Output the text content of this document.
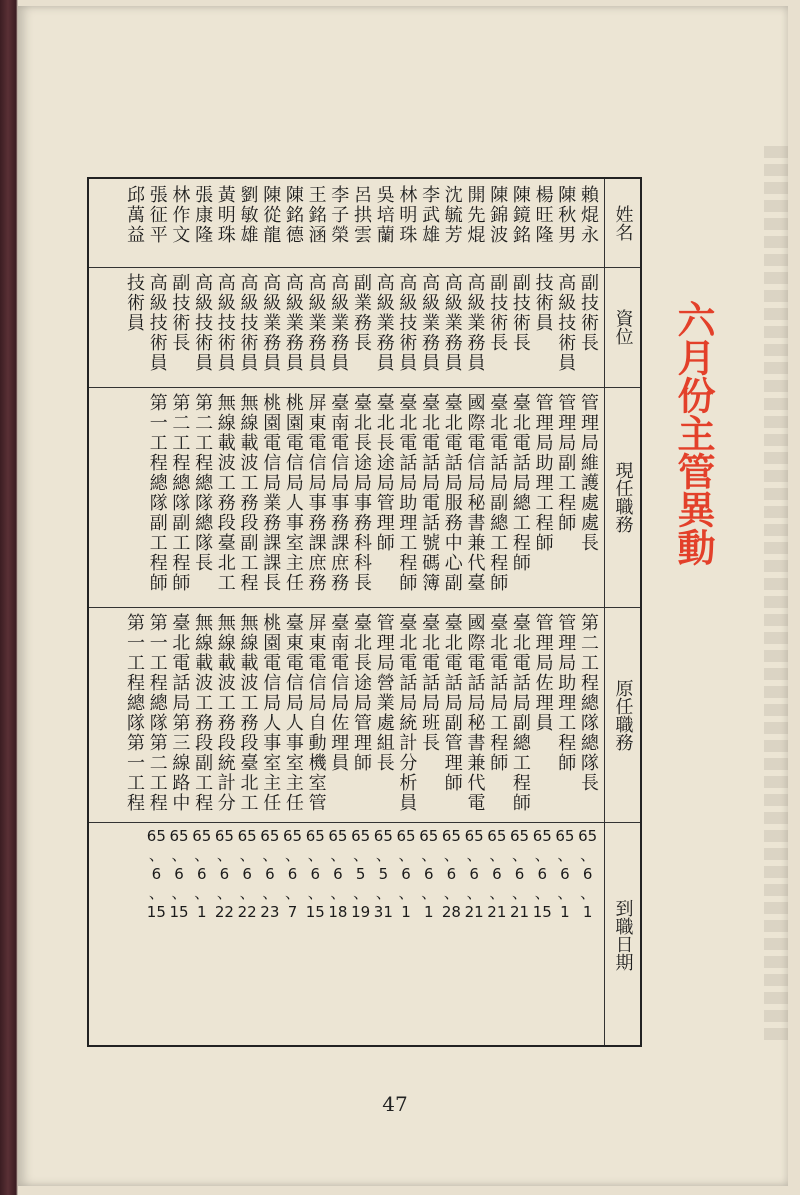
六月份主管異動
姓名
資位
現任職務
原任職務
到職日期
賴焜永
副技術長
管理局維護處處長
第二工程總隊總隊長
65
、
6
、
1
陳秋男
高級技術員
管理局副工程師
管理局助理工程師
65
、
6
、
1
楊旺隆
技術員
管理局助理工程師
管理局佐理員
65
、
6
、
15
陳鏡銘
副技術長
臺北電話局總工程師
臺北電話局副總工程師
65
、
6
、
21
陳錦波
副技術長
臺北電話局副總工程師
臺北電話局工程師
65
、
6
、
21
開先焜
高級業務員
國際電信局秘書兼代臺
國際電話局秘書兼代電
65
、
6
、
21
沈毓芳
高級業務員
臺北電話局服務中心副
臺北電話局副管理師
65
、
6
、
28
李武雄
高級業務員
臺北電話局電話號碼簿
臺北電話局班長
65
、
6
、
1
林明珠
高級技術員
臺北電話局助理工程師
臺北電話局統計分析員
65
、
6
、
1
吳培蘭
高級業務員
臺北長途局管理師
管理局營業處組長
65
、
5
、
31
呂拱雲
副業務長
臺北長途局事務科科長
臺北長途局管理師
65
、
5
、
19
李子榮
高級業務員
臺南電信局事務課庶務
臺南電信局佐理員
65
、
6
、
18
王銘涵
高級業務員
屏東電信局事務課庶務
屏東電信局自動機室管
65
、
6
、
15
陳銘德
高級業務員
桃園電信局人事室主任
臺東電信局人事室主任
65
、
6
、
7
陳從龍
高級業務員
桃園電信局業務課課長
桃園電信局人事室主任
65
、
6
、
23
劉敏雄
高級技術員
無線載波工務段副工程
無線載波工務段臺北工
65
、
6
、
22
黃明珠
高級技術員
無線載波工務段臺北工
無線載波工務段統計分
65
、
6
、
22
張康隆
高級技術員
第二工程總隊總隊長
無線載波工務段副工程
65
、
6
、
1
林作文
副技術長
第二工程總隊副工程師
臺北電話局第三線路中
65
、
6
、
15
張征平
高級技術員
第一工程總隊副工程師
第一工程總隊第二工程
65
、
6
、
15
邱萬益
技術員
第一工程總隊第一工程
47
